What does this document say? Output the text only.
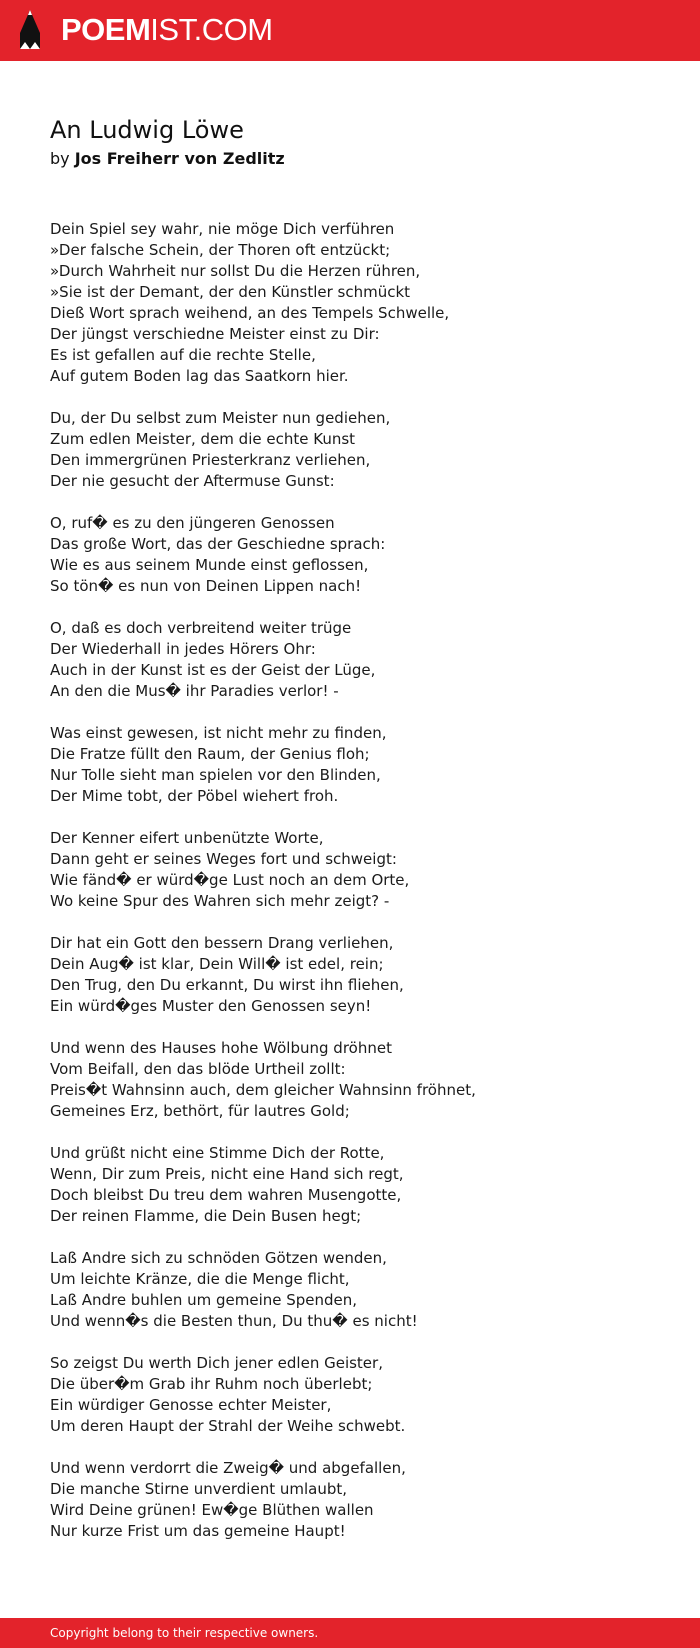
POEMIST.COM
An Ludwig Löwe
by Jos Freiherr von Zedlitz
Dein Spiel sey wahr, nie möge Dich verführen
»Der falsche Schein, der Thoren oft entzückt;
»Durch Wahrheit nur sollst Du die Herzen rühren,
»Sie ist der Demant, der den Künstler schmückt
Dieß Wort sprach weihend, an des Tempels Schwelle,
Der jüngst verschiedne Meister einst zu Dir:
Es ist gefallen auf die rechte Stelle,
Auf gutem Boden lag das Saatkorn hier.
Du, der Du selbst zum Meister nun gediehen,
Zum edlen Meister, dem die echte Kunst
Den immergrünen Priesterkranz verliehen,
Der nie gesucht der Aftermuse Gunst:
O, ruf� es zu den jüngeren Genossen
Das große Wort, das der Geschiedne sprach:
Wie es aus seinem Munde einst geflossen,
So tön� es nun von Deinen Lippen nach!
O, daß es doch verbreitend weiter trüge
Der Wiederhall in jedes Hörers Ohr:
Auch in der Kunst ist es der Geist der Lüge,
An den die Mus� ihr Paradies verlor! -
Was einst gewesen, ist nicht mehr zu finden,
Die Fratze füllt den Raum, der Genius floh;
Nur Tolle sieht man spielen vor den Blinden,
Der Mime tobt, der Pöbel wiehert froh.
Der Kenner eifert unbenützte Worte,
Dann geht er seines Weges fort und schweigt:
Wie fänd� er würd�ge Lust noch an dem Orte,
Wo keine Spur des Wahren sich mehr zeigt? -
Dir hat ein Gott den bessern Drang verliehen,
Dein Aug� ist klar, Dein Will� ist edel, rein;
Den Trug, den Du erkannt, Du wirst ihn fliehen,
Ein würd�ges Muster den Genossen seyn!
Und wenn des Hauses hohe Wölbung dröhnet
Vom Beifall, den das blöde Urtheil zollt:
Preis�t Wahnsinn auch, dem gleicher Wahnsinn fröhnet,
Gemeines Erz, bethört, für lautres Gold;
Und grüßt nicht eine Stimme Dich der Rotte,
Wenn, Dir zum Preis, nicht eine Hand sich regt,
Doch bleibst Du treu dem wahren Musengotte,
Der reinen Flamme, die Dein Busen hegt;
Laß Andre sich zu schnöden Götzen wenden,
Um leichte Kränze, die die Menge flicht,
Laß Andre buhlen um gemeine Spenden,
Und wenn�s die Besten thun, Du thu� es nicht!
So zeigst Du werth Dich jener edlen Geister,
Die über�m Grab ihr Ruhm noch überlebt;
Ein würdiger Genosse echter Meister,
Um deren Haupt der Strahl der Weihe schwebt.
Und wenn verdorrt die Zweig� und abgefallen,
Die manche Stirne unverdient umlaubt,
Wird Deine grünen! Ew�ge Blüthen wallen
Nur kurze Frist um das gemeine Haupt!
Copyright belong to their respective owners.
